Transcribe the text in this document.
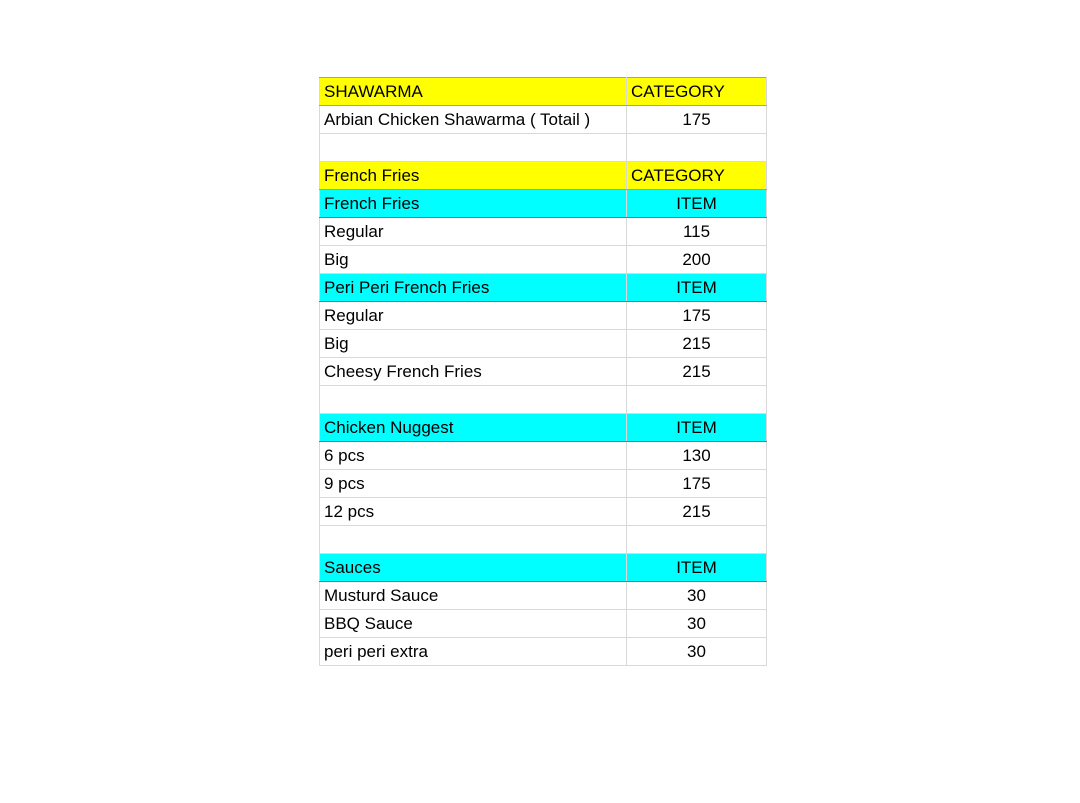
SHAWARMA	CATEGORY
Arbian Chicken Shawarma ( Totail )	175

French Fries	CATEGORY
French Fries	ITEM
Regular	115
Big	200
Peri Peri French Fries	ITEM
Regular	175
Big	215
Cheesy French Fries	215

Chicken Nuggest	ITEM
6 pcs	130
9 pcs	175
12 pcs	215

Sauces	ITEM
Musturd Sauce	30
BBQ Sauce	30
peri peri extra	30
